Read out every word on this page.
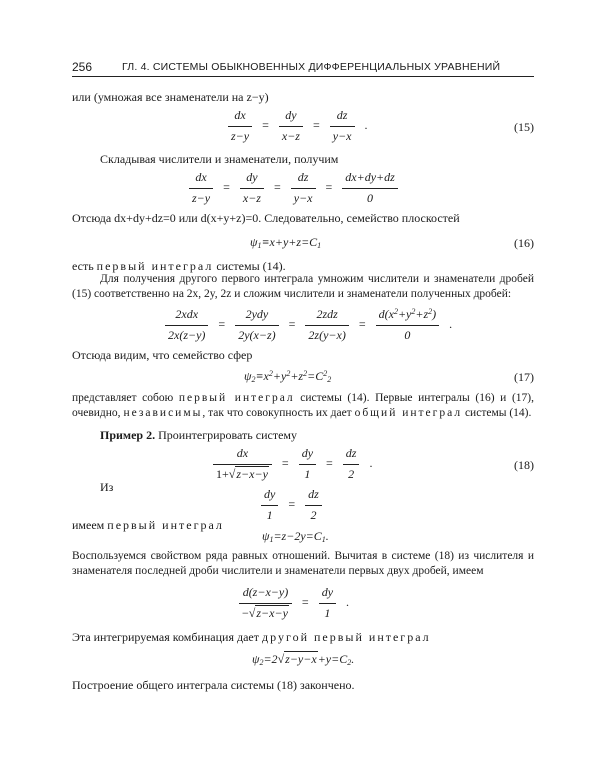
256	ГЛ. 4. СИСТЕМЫ ОБЫКНОВЕННЫХ ДИФФЕРЕНЦИАЛЬНЫХ УРАВНЕНИЙ
или (умножая все знаменатели на z−y)
$\frac{dx}{z-y} = \frac{dy}{x-z} = \frac{dz}{y-x}$ .	(15)
Складывая числители и знаменатели, получим
$\frac{dx}{z-y} = \frac{dy}{x-z} = \frac{dz}{y-x} = \frac{dx+dy+dz}{0}$
Отсюда dx+dy+dz=0 или d(x+y+z)=0. Следовательно, семейство плоскостей
$\psi_1\equiv x+y+z=C_1$	(16)
есть первый интеграл системы (14).
Для получения другого первого интеграла умножим числители и знаменатели дробей (15) соответственно на 2x, 2y, 2z и сложим числители и знаменатели полученных дробей:
$\frac{\text{2xdx}}{2x(z-y)} = \frac{\text{2ydy}}{2y(x-z)} = \frac{\text{2zdz}}{2z(y-x)} = \frac{d(x^2+y^2+z^2)}{0}$ .
Отсюда видим, что семейство сфер
$\psi_2\equiv x^2+y^2+z^2=C^2_2$	(17)
представляет собою первый интеграл системы (14). Первые интегралы (16) и (17), очевидно, независимы, так что совокупность их дает общий интеграл системы (14).
Пример 2. Проинтегрировать систему
$\frac{dx}{1+√z-x-y} = \frac{dy}{1} = \frac{dz}{2}$ .	(18)
Из	$\frac{dy}{1} = \frac{dz}{2}$
имеем первый интеграл
$\psi_1=z-2y=C_1$.
Воспользуемся свойством ряда равных отношений. Вычитая в системе (18) из числителя и знаменателя последней дроби числители и знаменатели первых двух дробей, имеем
$\frac{d(z-x-y)}{-√z-x-y} = \frac{dy}{1}$ .
Эта интегрируемая комбинация дает другой первый интеграл
$\psi_2=2√z-y-x+y=C_2$.
Построение общего интеграла системы (18) закончено.
